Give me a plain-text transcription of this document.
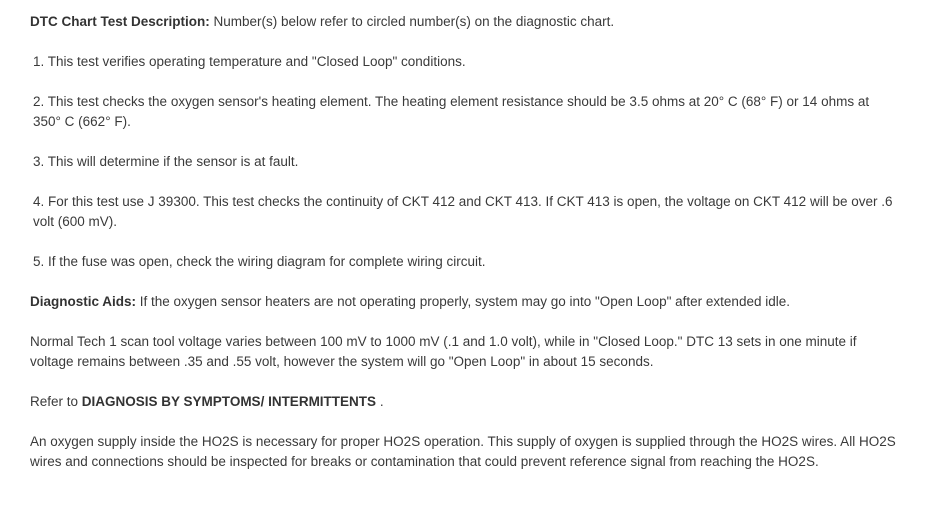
DTC Chart Test Description: Number(s) below refer to circled number(s) on the diagnostic chart.

1. This test verifies operating temperature and "Closed Loop" conditions.

2. This test checks the oxygen sensor's heating element. The heating element resistance should be 3.5 ohms at 20° C (68° F) or 14 ohms at 350° C (662° F).

3. This will determine if the sensor is at fault.

4. For this test use J 39300. This test checks the continuity of CKT 412 and CKT 413. If CKT 413 is open, the voltage on CKT 412 will be over .6 volt (600 mV).

5. If the fuse was open, check the wiring diagram for complete wiring circuit.

Diagnostic Aids: If the oxygen sensor heaters are not operating properly, system may go into "Open Loop" after extended idle.

Normal Tech 1 scan tool voltage varies between 100 mV to 1000 mV (.1 and 1.0 volt), while in "Closed Loop." DTC 13 sets in one minute if voltage remains between .35 and .55 volt, however the system will go "Open Loop" in about 15 seconds.

Refer to DIAGNOSIS BY SYMPTOMS/ INTERMITTENTS .

An oxygen supply inside the HO2S is necessary for proper HO2S operation. This supply of oxygen is supplied through the HO2S wires. All HO2S wires and connections should be inspected for breaks or contamination that could prevent reference signal from reaching the HO2S.
